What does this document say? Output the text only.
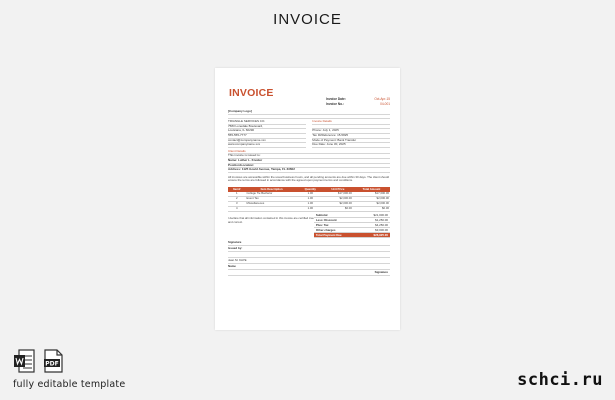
INVOICE
INVOICE	Invoice Date:	Oct-Apr-15
Invoice No.:	04-001
[Company Logo]
TRIANGLE SERVICES CO.
7583 Lonedale Boulevard,
Louisiana, IL 60290
555-555-7777
contact@companyname.xxx
www.companyname.xxx
Invoice Details
Phone: July 1, 2025
Tax ID/Reference: 15-5825
Mode of Payment: Bank Transfer
Due Date: June 30, 2025
Client Details
This invoice is issued to:
Name: Luther L. Kreider
Position/Location:
Address: 1125 Gould Avenue, Tampa, FL 33602
All invoices are accessible within the usual business hours, and all pending amounts are due within 30 days. The client should ensure the terms are followed in accordance with the agreed upon payment terms and conditions.
Item#	Item Description	Quantity	Unit Price	Total Amount
1	College Tie Bachelor	1.00	$17,000.00	$17,000.00
2	Event Tax	1.00	$2,000.00	$2,000.00
3	Miscellaneous	1.00	$2,000.00	$2,000.00
4		1.00	$0.00	$0.00
I declare that all information contained in this invoice are certified true and correct.
Subtotal	$21,000.00
Less: Discount	$1,250.00
Plus: Tax	$4,250.00
Other charges	$3,000.00
Total Payment Due	$26,925.00
Signature
Issued by:
Jean M. KAYE
Name
Signature
PDF
fully editable template	schci.ru
